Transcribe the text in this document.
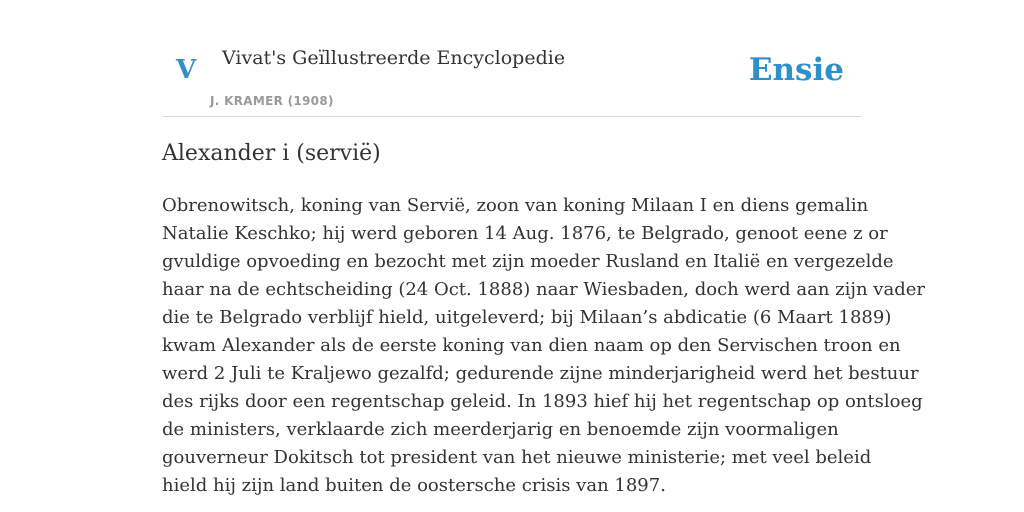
V Vivat's Geïllustreerde Encyclopedie
J. KRAMER (1908)
Ensie
Alexander i (servië)

Obrenowitsch, koning van Servië, zoon van koning Milaan I en diens gemalin
Natalie Keschko; hij werd geboren 14 Aug. 1876, te Belgrado, genoot eene z or
gvuldige opvoeding en bezocht met zijn moeder Rusland en Italië en vergezelde
haar na de echtscheiding (24 Oct. 1888) naar Wiesbaden, doch werd aan zijn vader
die te Belgrado verblijf hield, uitgeleverd; bij Milaan’s abdicatie (6 Maart 1889)
kwam Alexander als de eerste koning van dien naam op den Servischen troon en
werd 2 Juli te Kraljewo gezalfd; gedurende zijne minderjarigheid werd het bestuur
des rijks door een regentschap geleid. In 1893 hief hij het regentschap op ontsloeg
de ministers, verklaarde zich meerderjarig en benoemde zijn voormaligen
gouverneur Dokitsch tot president van het nieuwe ministerie; met veel beleid
hield hij zijn land buiten de oostersche crisis van 1897.
